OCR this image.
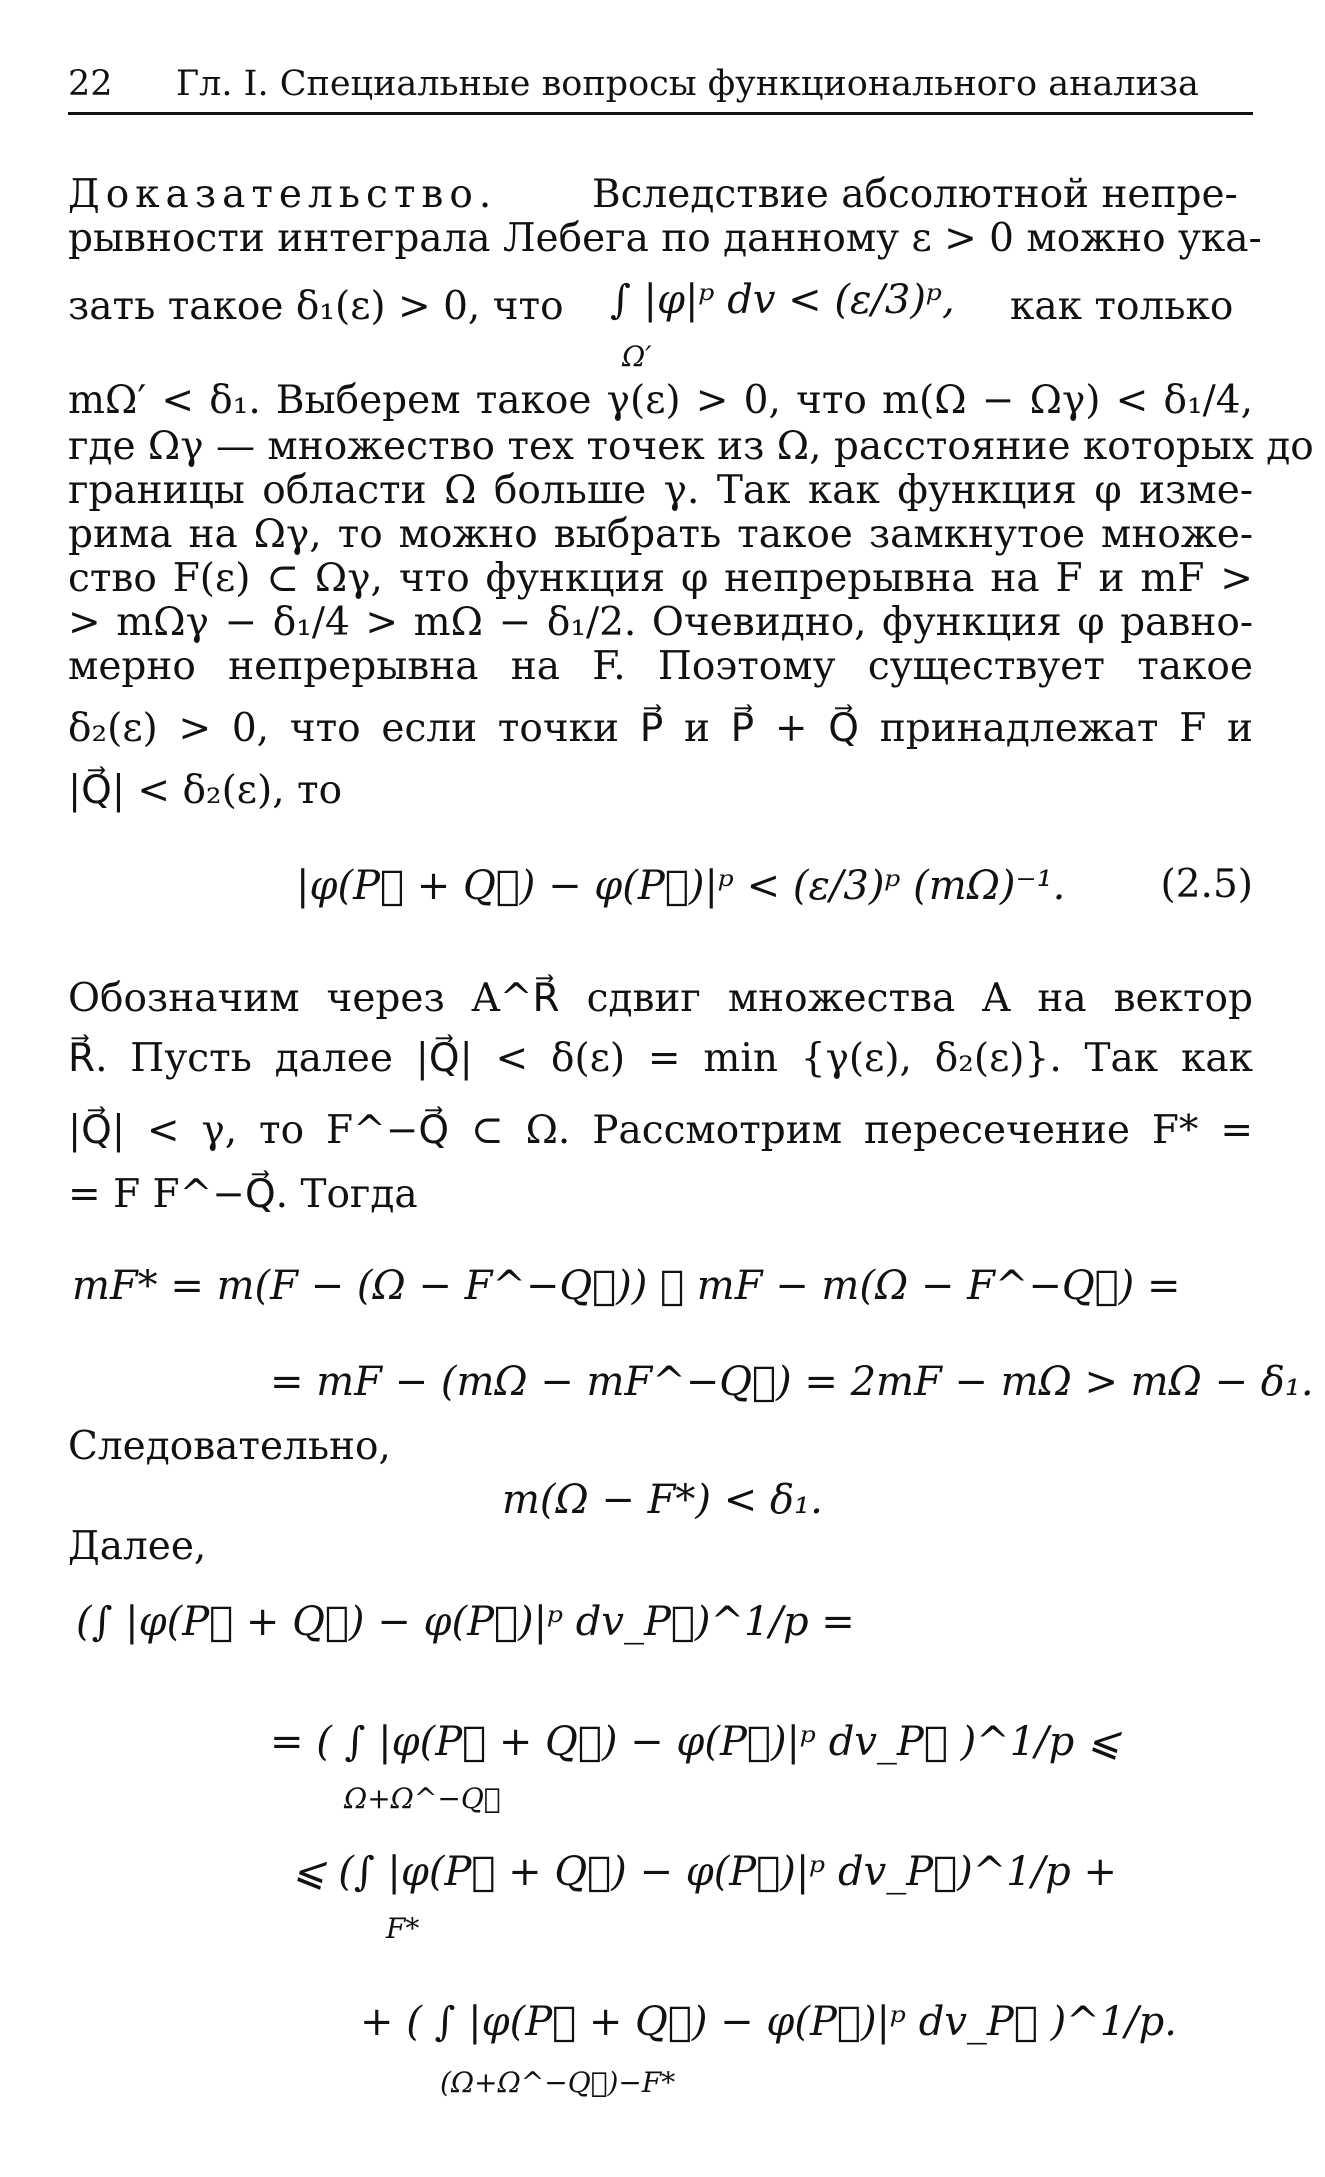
22 Гл. I. Специальные вопросы функционального анализа
Доказательство. Вследствие абсолютной непре-
рывности интеграла Лебега по данному ε > 0 можно ука-
зать такое δ₁(ε) > 0, что ∫ |φ|ᵖ dv < (ε/3)ᵖ, как только
Ω′
mΩ′ < δ₁. Выберем такое γ(ε) > 0, что m(Ω − Ωγ) < δ₁/4,
где Ωγ — множество тех точек из Ω, расстояние которых до
границы области Ω больше γ. Так как функция φ изме-
рима на Ωγ, то можно выбрать такое замкнутое множе-
ство F(ε) ⊂ Ωγ, что функция φ непрерывна на F и mF >
> mΩγ − δ₁/4 > mΩ − δ₁/2. Очевидно, функция φ равно-
мерно непрерывна на F. Поэтому существует такое
δ₂(ε) > 0, что если точки P⃗ и P⃗ + Q⃗ принадлежат F и
|Q⃗| < δ₂(ε), то
|φ(P⃗ + Q⃗) − φ(P⃗)|ᵖ < (ε/3)ᵖ (mΩ)⁻¹. (2.5)
Обозначим через A^R⃗ сдвиг множества A на вектор
R⃗. Пусть далее |Q⃗| < δ(ε) = min {γ(ε), δ₂(ε)}. Так как
|Q⃗| < γ, то F^−Q⃗ ⊂ Ω. Рассмотрим пересечение F* =
= F F^−Q⃗. Тогда
mF* = m(F − (Ω − F^−Q⃗)) ⩾ mF − m(Ω − F^−Q⃗) =
= mF − (mΩ − mF^−Q⃗) = 2mF − mΩ > mΩ − δ₁.
Следовательно,
m(Ω − F*) < δ₁.
Далее,
(∫ |φ(P⃗ + Q⃗) − φ(P⃗)|ᵖ dv_P⃗)^1/p =
= ( ∫ |φ(P⃗ + Q⃗) − φ(P⃗)|ᵖ dv_P⃗ )^1/p ⩽
Ω+Ω^−Q⃗
⩽ (∫ |φ(P⃗ + Q⃗) − φ(P⃗)|ᵖ dv_P⃗)^1/p +
F*
+ ( ∫ |φ(P⃗ + Q⃗) − φ(P⃗)|ᵖ dv_P⃗ )^1/p.
(Ω+Ω^−Q⃗)−F*
